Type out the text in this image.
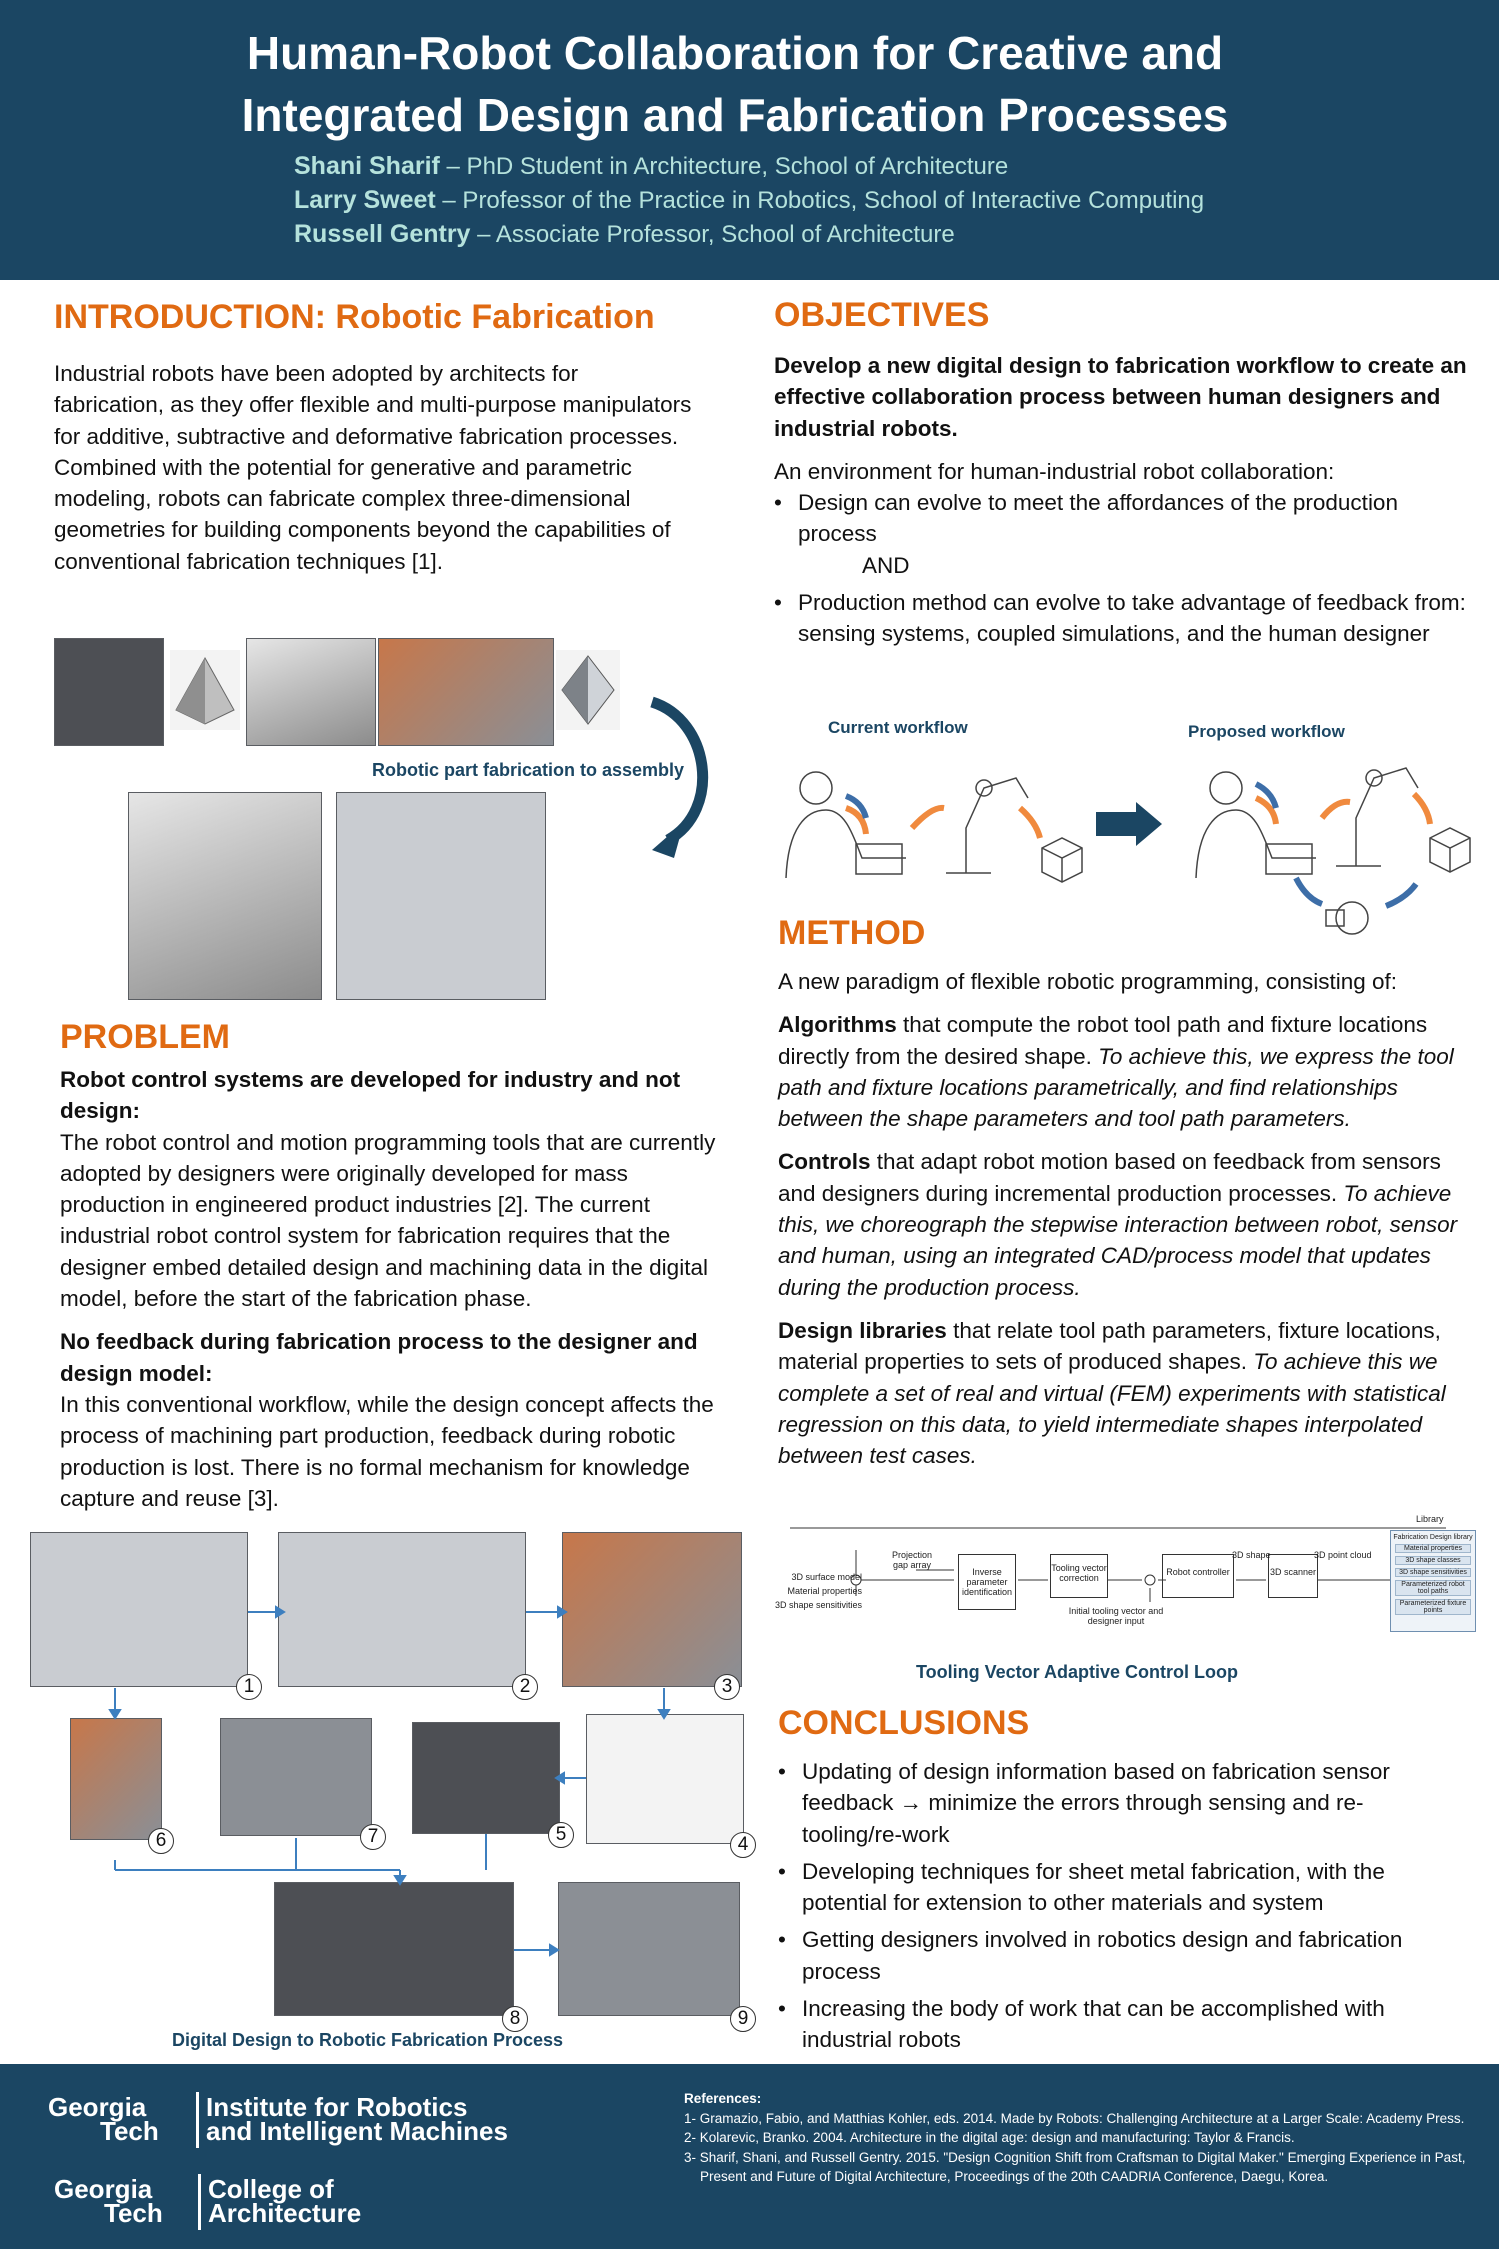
Human-Robot Collaboration for Creative and
Integrated Design and Fabrication Processes
Shani Sharif – PhD Student in Architecture, School of Architecture
Larry Sweet – Professor of the Practice in Robotics, School of Interactive Computing
Russell Gentry – Associate Professor, School of Architecture
INTRODUCTION: Robotic Fabrication
Industrial robots have been adopted by architects for fabrication, as they offer flexible and multi-purpose manipulators for additive, subtractive and deformative fabrication processes. Combined with the potential for generative and parametric modeling, robots can fabricate complex three-dimensional geometries for building components beyond the capabilities of conventional fabrication techniques [1].
Robotic part fabrication to assembly
PROBLEM
Robot control systems are developed for industry and not design:

The robot control and motion programming tools that are currently adopted by designers were originally developed for mass production in engineered product industries [2]. The current industrial robot control system for fabrication requires that the designer embed detailed design and machining data in the digital model, before the start of the fabrication phase.

No feedback during fabrication process to the designer and design model:

In this conventional workflow, while the design concept affects the process of machining part production, feedback during robotic production is lost. There is no formal mechanism for knowledge capture and reuse [3].

1	2	3
4
5
6	7
8	9
Digital Design to Robotic Fabrication Process
OBJECTIVES

Develop a new digital design to fabrication workflow to create an effective collaboration process between human designers and industrial robots.

An environment for human-industrial robot collaboration:
• Design can evolve to meet the affordances of the production process
AND
• Production method can evolve to take advantage of feedback from:
sensing systems, coupled simulations, and the human designer
Current workflow	Proposed workflow
METHOD

A new paradigm of flexible robotic programming, consisting of:

Algorithms that compute the robot tool path and fixture locations directly from the desired shape. To achieve this, we express the tool path and fixture locations parametrically, and find relationships between the shape parameters and tool path parameters.

Controls that adapt robot motion based on feedback from sensors and designers during incremental production processes. To achieve this, we choreograph the stepwise interaction between robot, sensor and human, using an integrated CAD/process model that updates during the production process.

Design libraries that relate tool path parameters, fixture locations, material properties to sets of produced shapes. To achieve this we complete a set of real and virtual (FEM) experiments with statistical regression on this data, to yield intermediate shapes interpolated between test cases.

3D surface model
Material properties
3D shape sensitivities
Projection gap array
Inverse parameter identification
Tooling vector correction
Robot controller	3D scanner
3D shape	3D point cloud
Initial tooling vector and designer input
Library
Fabrication Design library
Material properties
3D shape classes
3D shape sensitivities
Parameterized robot tool paths
Parameterized fixture points
Tooling Vector Adaptive Control Loop
CONCLUSIONS
• Updating of design information based on fabrication sensor feedback → minimize the errors through sensing and re-tooling/re-work
• Developing techniques for sheet metal fabrication, with the potential for extension to other materials and system
• Getting designers involved in robotics design and fabrication process
• Increasing the body of work that can be accomplished with industrial robots
Georgia
Tech
Institute for Robotics
and Intelligent Machines
Georgia
Tech
College of
Architecture
References:
1- Gramazio, Fabio, and Matthias Kohler, eds. 2014. Made by Robots: Challenging Architecture at a Larger Scale: Academy Press.
2- Kolarevic, Branko. 2004. Architecture in the digital age: design and manufacturing: Taylor & Francis.
3- Sharif, Shani, and Russell Gentry. 2015. "Design Cognition Shift from Craftsman to Digital Maker." Emerging Experience in Past, Present and Future of Digital Architecture, Proceedings of the 20th CAADRIA Conference, Daegu, Korea.
